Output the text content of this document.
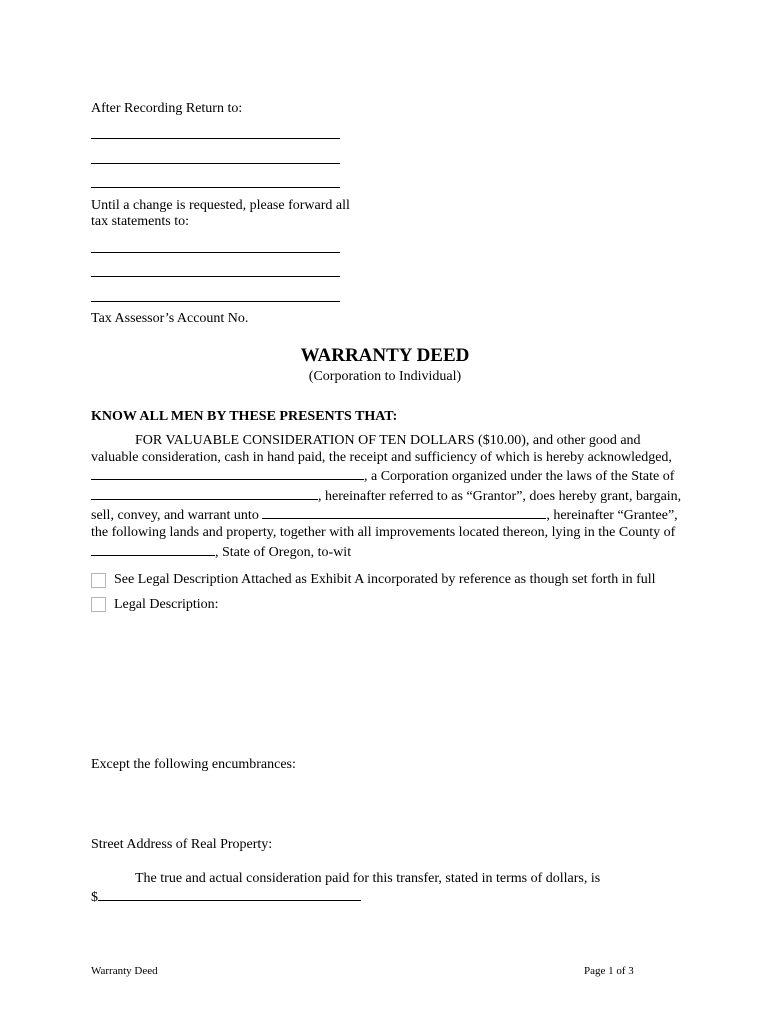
After Recording Return to:
Until a change is requested, please forward all
tax statements to:
Tax Assessor’s Account No.
WARRANTY DEED
(Corporation to Individual)
KNOW ALL MEN BY THESE PRESENTS THAT:
FOR VALUABLE CONSIDERATION OF TEN DOLLARS ($10.00), and other good and
valuable consideration, cash in hand paid, the receipt and sufficiency of which is hereby acknowledged,
, a Corporation organized under the laws of the State of
, hereinafter referred to as “Grantor”, does hereby grant, bargain,
sell, convey, and warrant unto	, hereinafter “Grantee”,
the following lands and property, together with all improvements located thereon, lying in the County of
, State of Oregon, to-wit
See Legal Description Attached as Exhibit A incorporated by reference as though set forth in full
Legal Description:
Except the following encumbrances:
Street Address of Real Property:
The true and actual consideration paid for this transfer, stated in terms of dollars, is
$
Warranty Deed	Page 1 of 3
